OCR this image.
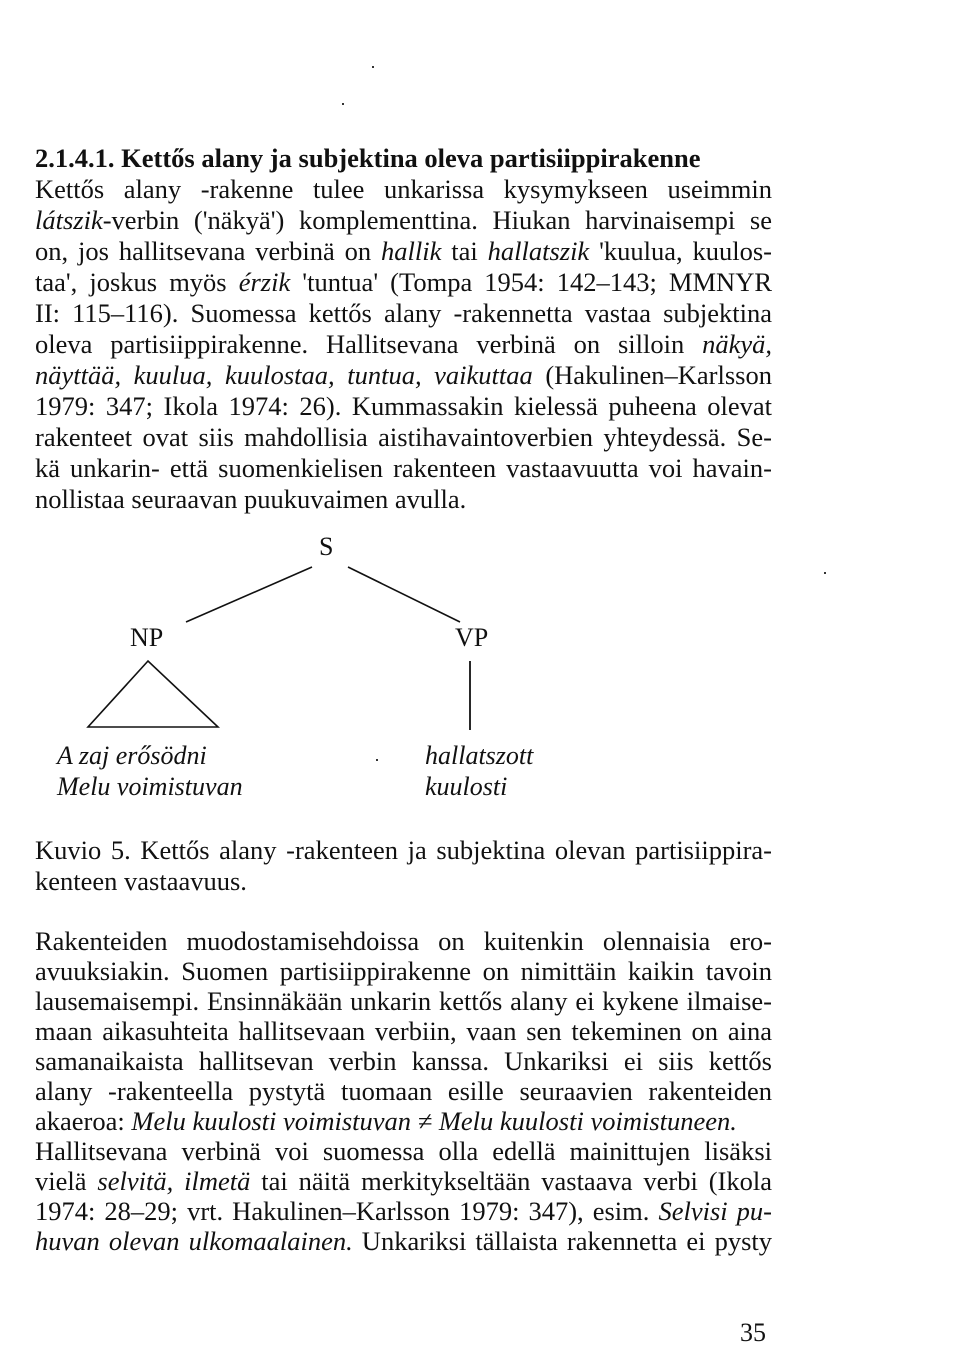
2.1.4.1. Kettős alany ja subjektina oleva partisiippirakenne
Kettős alany -rakenne tulee unkarissa kysymykseen useimmin
látszik-verbin ('näkyä') komplementtina. Hiukan harvinaisempi se
on, jos hallitsevana verbinä on hallik tai hallatszik 'kuulua, kuulos-
taa', joskus myös érzik 'tuntua' (Tompa 1954: 142–143; MMNYR
II: 115–116). Suomessa kettős alany -rakennetta vastaa subjektina
oleva partisiippirakenne. Hallitsevana verbinä on silloin näkyä,
näyttää, kuulua, kuulostaa, tuntua, vaikuttaa (Hakulinen–Karlsson
1979: 347; Ikola 1974: 26). Kummassakin kielessä puheena olevat
rakenteet ovat siis mahdollisia aistihavaintoverbien yhteydessä. Se-
kä unkarin- että suomenkielisen rakenteen vastaavuutta voi havain-
nollistaa seuraavan puukuvaimen avulla.
S
NP	VP
A zaj erősödni
Melu voimistuvan
hallatszott
kuulosti
Kuvio 5. Kettős alany -rakenteen ja subjektina olevan partisiippira-
kenteen vastaavuus.
Rakenteiden muodostamisehdoissa on kuitenkin olennaisia ero-
avuuksiakin. Suomen partisiippirakenne on nimittäin kaikin tavoin
lausemaisempi. Ensinnäkään unkarin kettős alany ei kykene ilmaise-
maan aikasuhteita hallitsevaan verbiin, vaan sen tekeminen on aina
samanaikaista hallitsevan verbin kanssa. Unkariksi ei siis kettős
alany -rakenteella pystytä tuomaan esille seuraavien rakenteiden
akaeroa: Melu kuulosti voimistuvan ≠ Melu kuulosti voimistuneen.
Hallitsevana verbinä voi suomessa olla edellä mainittujen lisäksi
vielä selvitä, ilmetä tai näitä merkitykseltään vastaava verbi (Ikola
1974: 28–29; vrt. Hakulinen–Karlsson 1979: 347), esim. Selvisi pu-
huvan olevan ulkomaalainen. Unkariksi tällaista rakennetta ei pysty
35
